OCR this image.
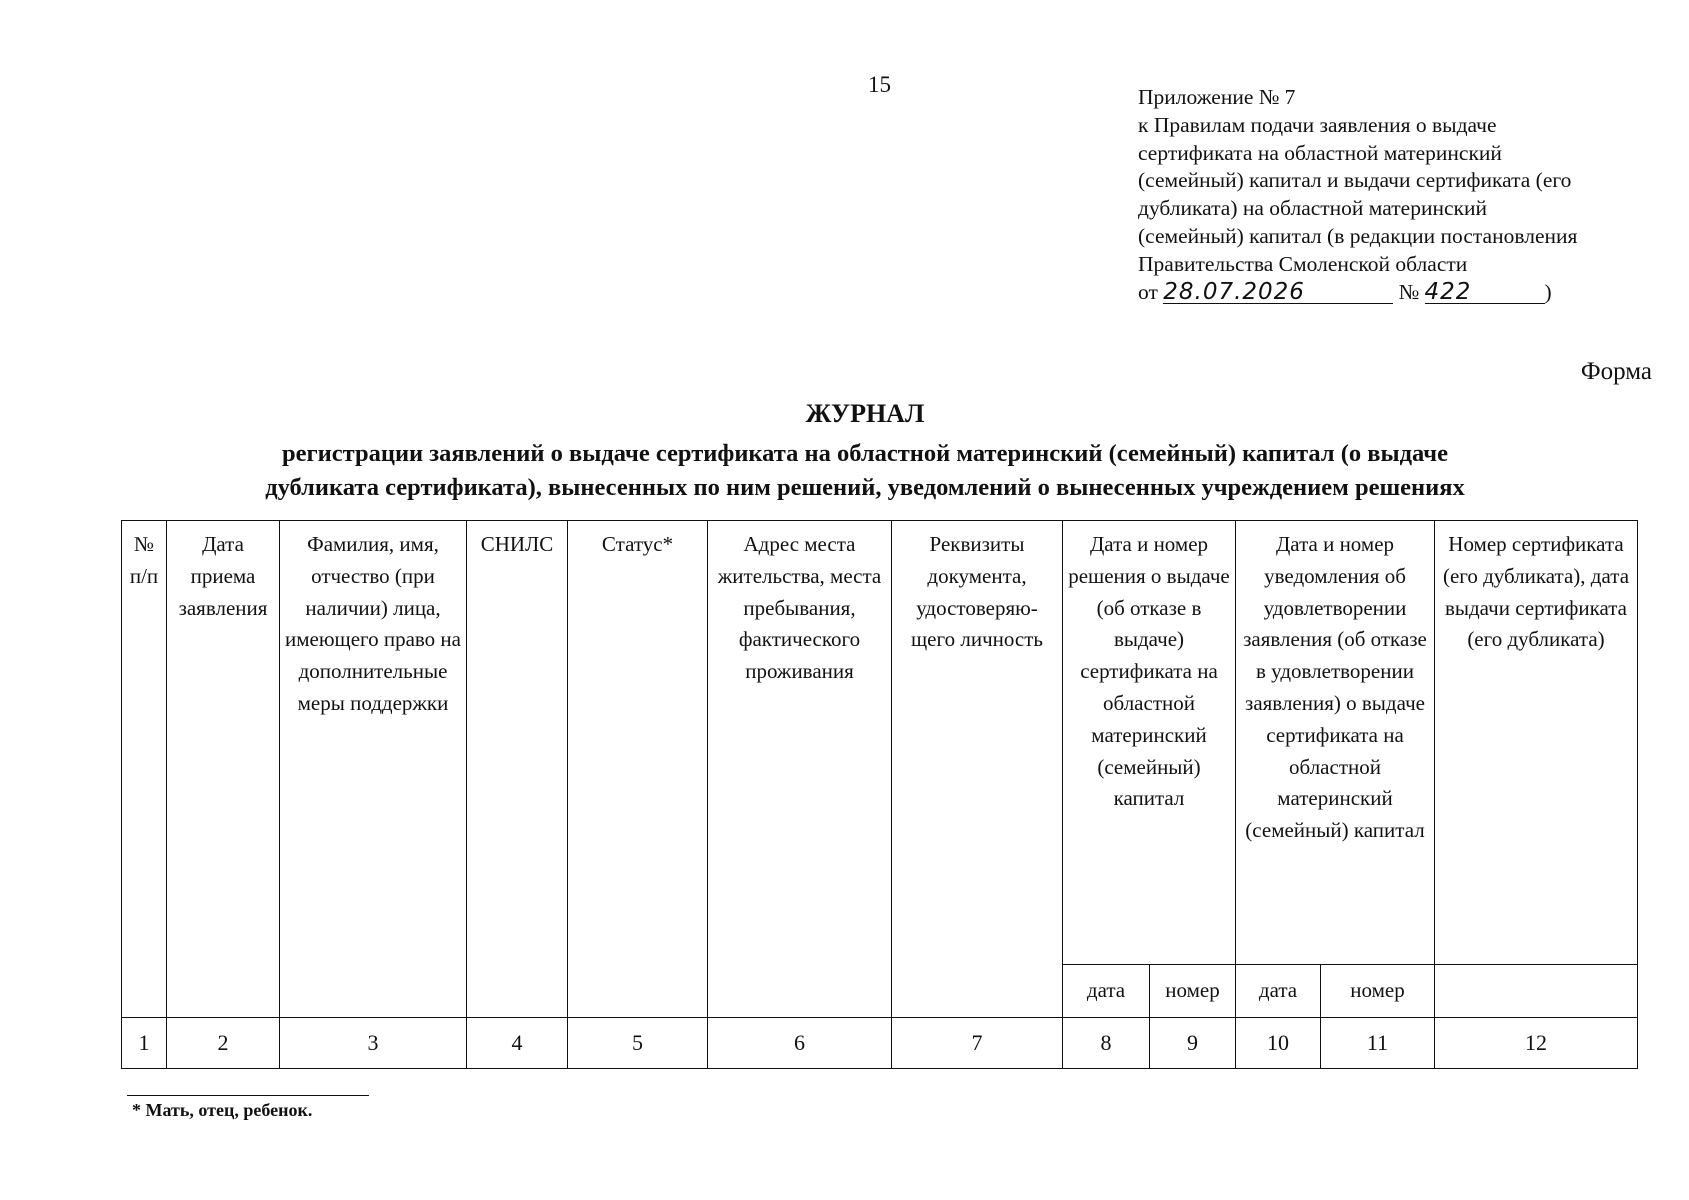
15	Приложение № 7
к Правилам подачи заявления о выдаче
сертификата на областной материнский
(семейный) капитал и выдачи сертификата (его
дубликата) на областной материнский
(семейный) капитал (в редакции постановления
Правительства Смоленской области
от 28.07.2026	№ 422	)
Форма
ЖУРНАЛ
регистрации заявлений о выдаче сертификата на областной материнский (семейный) капитал (о выдаче
дубликата сертификата), вынесенных по ним решений, уведомлений о вынесенных учреждением решениях
№ п/п	Дата приема заявления	Фамилия, имя, отчество (при наличии) лица, имеющего право на дополнительные меры поддержки	СНИЛС	Статус*	Адрес места жительства, места пребывания, фактического проживания	Реквизиты документа, удостоверяю-щего личность	Дата и номер решения о выдаче (об отказе в выдаче) сертификата на областной материнский (семейный) капитал		Дата и номер уведомления об удовлетворении заявления (об отказе в удовлетворении заявления) о выдаче сертификата на областной материнский (семейный) капитал		Номер сертификата (его дубликата), дата выдачи сертификата (его дубликата)
							дата	номер	дата	номер	
1	2	3	4	5	6	7	8	9	10	11	12
* Мать, отец, ребенок.
